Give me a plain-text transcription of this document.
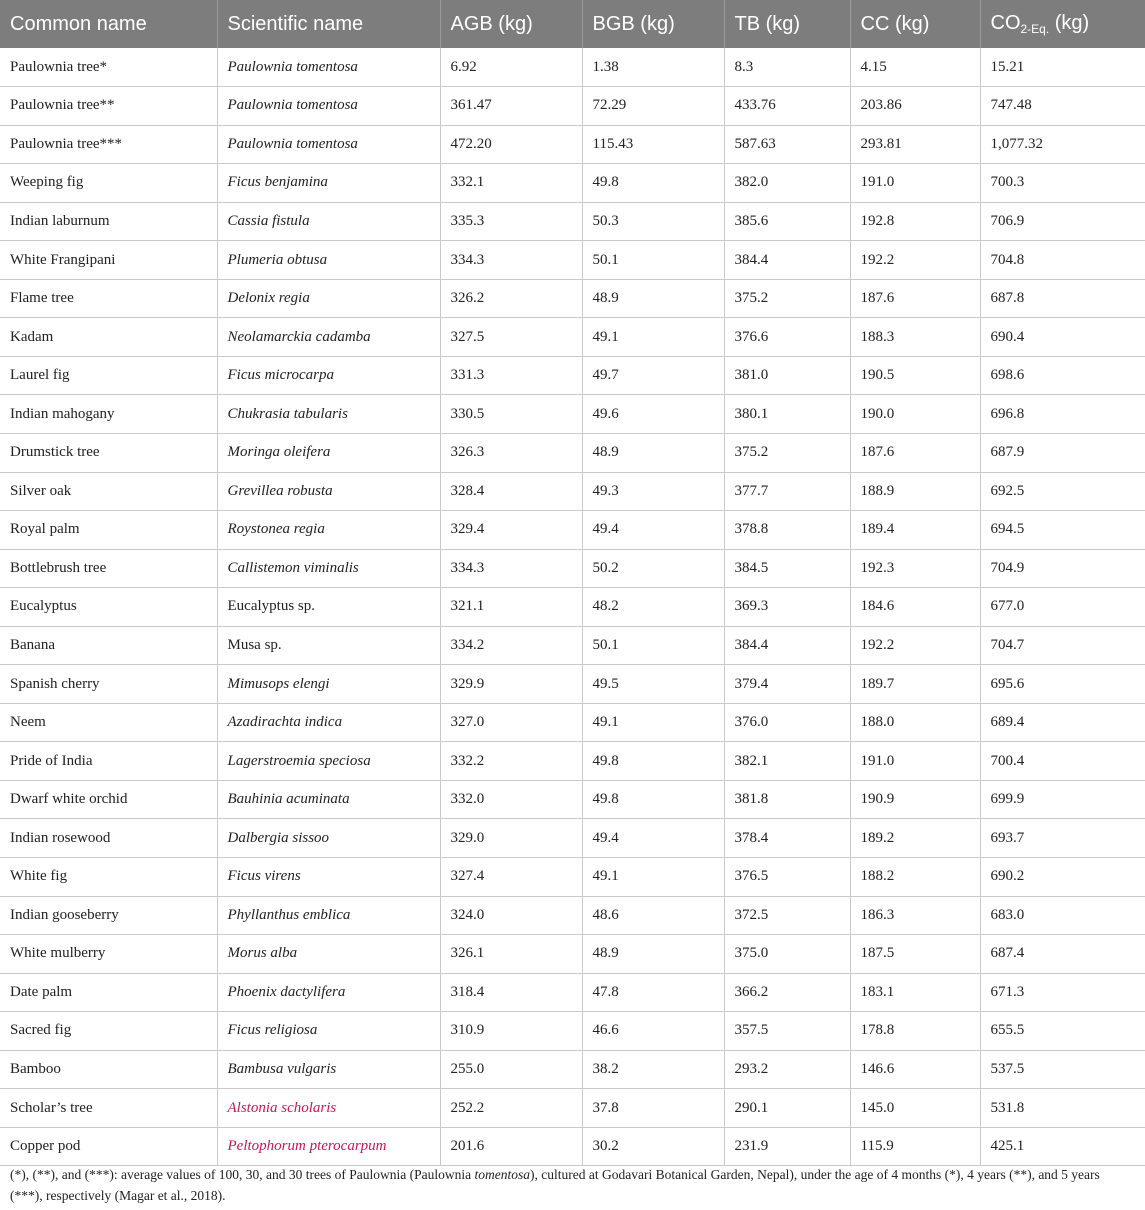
Common name	Scientific name	AGB (kg)	BGB (kg)	TB (kg)	CC (kg)	$CO_{2-Eq.}$ (kg)
Paulownia tree*	Paulownia tomentosa	6.92	1.38	8.3	4.15	15.21
Paulownia tree**	Paulownia tomentosa	361.47	72.29	433.76	203.86	747.48
Paulownia tree***	Paulownia tomentosa	472.20	115.43	587.63	293.81	1,077.32
Weeping fig	Ficus benjamina	332.1	49.8	382.0	191.0	700.3
Indian laburnum	Cassia fistula	335.3	50.3	385.6	192.8	706.9
White Frangipani	Plumeria obtusa	334.3	50.1	384.4	192.2	704.8
Flame tree	Delonix regia	326.2	48.9	375.2	187.6	687.8
Kadam	Neolamarckia cadamba	327.5	49.1	376.6	188.3	690.4
Laurel fig	Ficus microcarpa	331.3	49.7	381.0	190.5	698.6
Indian mahogany	Chukrasia tabularis	330.5	49.6	380.1	190.0	696.8
Drumstick tree	Moringa oleifera	326.3	48.9	375.2	187.6	687.9
Silver oak	Grevillea robusta	328.4	49.3	377.7	188.9	692.5
Royal palm	Roystonea regia	329.4	49.4	378.8	189.4	694.5
Bottlebrush tree	Callistemon viminalis	334.3	50.2	384.5	192.3	704.9
Eucalyptus	Eucalyptus sp.	321.1	48.2	369.3	184.6	677.0
Banana	Musa sp.	334.2	50.1	384.4	192.2	704.7
Spanish cherry	Mimusops elengi	329.9	49.5	379.4	189.7	695.6
Neem	Azadirachta indica	327.0	49.1	376.0	188.0	689.4
Pride of India	Lagerstroemia speciosa	332.2	49.8	382.1	191.0	700.4
Dwarf white orchid	Bauhinia acuminata	332.0	49.8	381.8	190.9	699.9
Indian rosewood	Dalbergia sissoo	329.0	49.4	378.4	189.2	693.7
White fig	Ficus virens	327.4	49.1	376.5	188.2	690.2
Indian gooseberry	Phyllanthus emblica	324.0	48.6	372.5	186.3	683.0
White mulberry	Morus alba	326.1	48.9	375.0	187.5	687.4
Date palm	Phoenix dactylifera	318.4	47.8	366.2	183.1	671.3
Sacred fig	Ficus religiosa	310.9	46.6	357.5	178.8	655.5
Bamboo	Bambusa vulgaris	255.0	38.2	293.2	146.6	537.5
Scholar’s tree	Alstonia scholaris	252.2	37.8	290.1	145.0	531.8
Copper pod	Peltophorum pterocarpum	201.6	30.2	231.9	115.9	425.1
(*), (**), and (***): average values of 100, 30, and 30 trees of Paulownia (Paulownia tomentosa), cultured at Godavari Botanical Garden, Nepal), under the age of 4 months (*), 4 years (**), and 5 years (***), respectively (Magar et al., 2018).
